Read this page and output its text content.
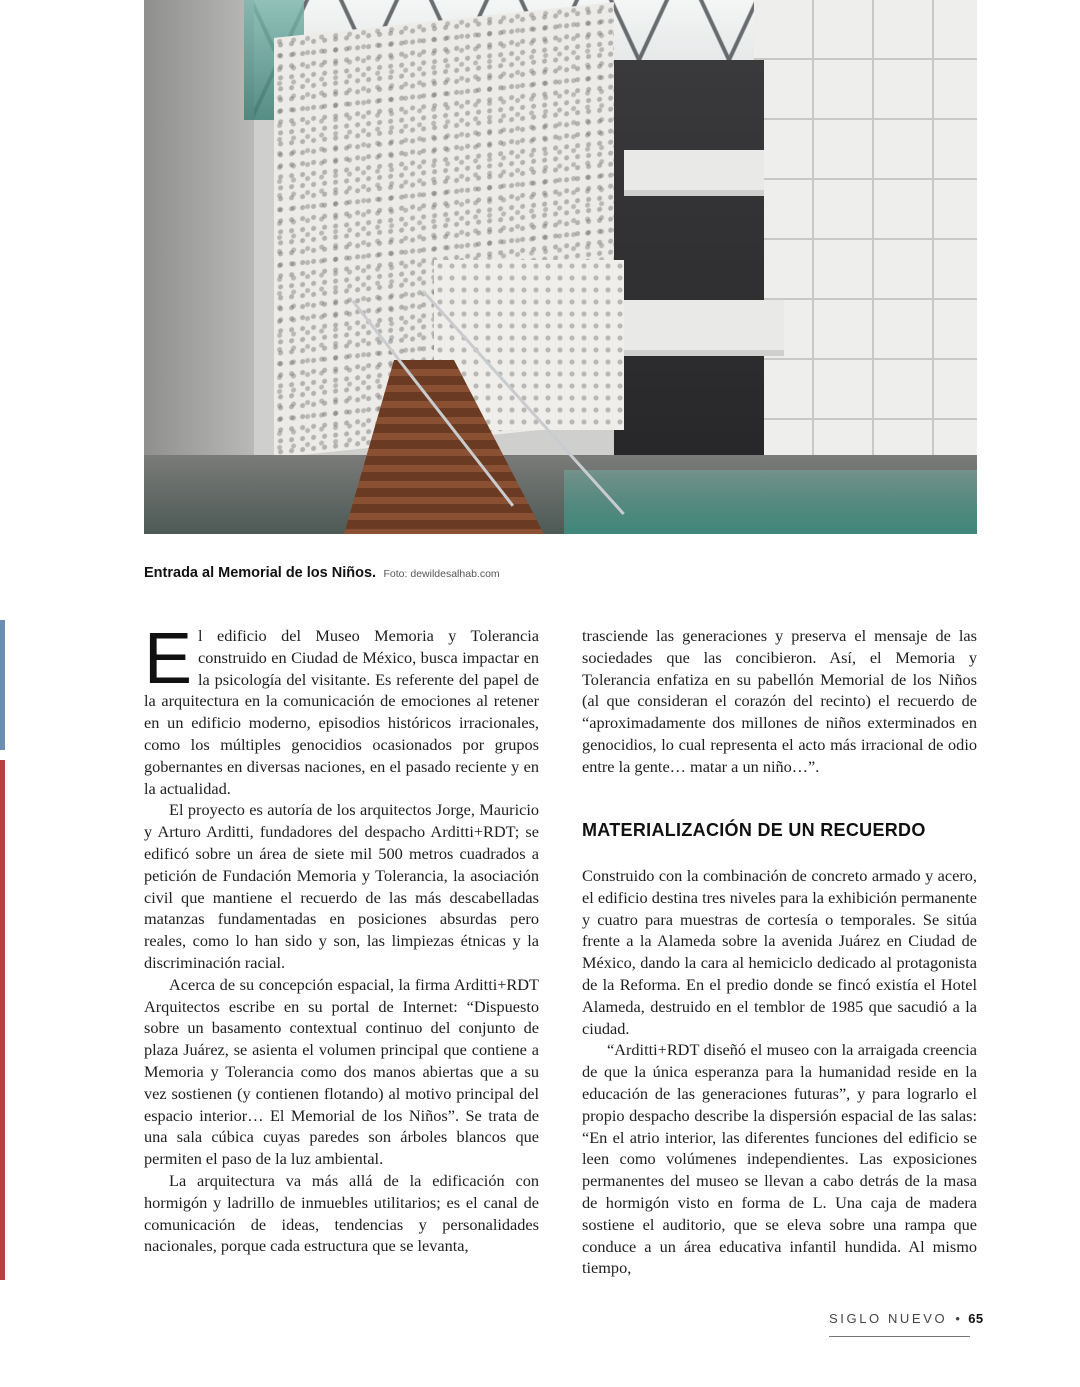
Entrada al Memorial de los Niños. Foto: dewildesalhab.com

El edificio del Museo Memoria y Tolerancia construido en Ciudad de México, busca impactar en la psicología del visitante. Es referente del papel de la arquitectura en la comunicación de emociones al retener en un edificio moderno, episodios históricos irracionales, como los múltiples genocidios ocasionados por grupos gobernantes en diversas naciones, en el pasado reciente y en la actualidad.

El proyecto es autoría de los arquitectos Jorge, Mauricio y Arturo Arditti, fundadores del despacho Arditti+RDT; se edificó sobre un área de siete mil 500 metros cuadrados a petición de Fundación Memoria y Tolerancia, la asociación civil que mantiene el recuerdo de las más descabelladas matanzas fundamentadas en posiciones absurdas pero reales, como lo han sido y son, las limpiezas étnicas y la discriminación racial.

Acerca de su concepción espacial, la firma Arditti+RDT Arquitectos escribe en su portal de Internet: “Dispuesto sobre un basamento contextual continuo del conjunto de plaza Juárez, se asienta el volumen principal que contiene a Memoria y Tolerancia como dos manos abiertas que a su vez sostienen (y contienen flotando) al motivo principal del espacio interior… El Memorial de los Niños”. Se trata de una sala cúbica cuyas paredes son árboles blancos que permiten el paso de la luz ambiental.

La arquitectura va más allá de la edificación con hormigón y ladrillo de inmuebles utilitarios; es el canal de comunicación de ideas, tendencias y personalidades nacionales, porque cada estructura que se levanta,

trasciende las generaciones y preserva el mensaje de las sociedades que las concibieron. Así, el Memoria y Tolerancia enfatiza en su pabellón Memorial de los Niños (al que consideran el corazón del recinto) el recuerdo de “aproximadamente dos millones de niños exterminados en genocidios, lo cual representa el acto más irracional de odio entre la gente… matar a un niño…”.

MATERIALIZACIÓN DE UN RECUERDO

Construido con la combinación de concreto armado y acero, el edificio destina tres niveles para la exhibición permanente y cuatro para muestras de cortesía o temporales. Se sitúa frente a la Alameda sobre la avenida Juárez en Ciudad de México, dando la cara al hemiciclo dedicado al protagonista de la Reforma. En el predio donde se fincó existía el Hotel Alameda, destruido en el temblor de 1985 que sacudió a la ciudad.

“Arditti+RDT diseñó el museo con la arraigada creencia de que la única esperanza para la humanidad reside en la educación de las generaciones futuras”, y para lograrlo el propio despacho describe la dispersión espacial de las salas: “En el atrio interior, las diferentes funciones del edificio se leen como volúmenes independientes. Las exposiciones permanentes del museo se llevan a cabo detrás de la masa de hormigón visto en forma de L. Una caja de madera sostiene el auditorio, que se eleva sobre una rampa que conduce a un área educativa infantil hundida. Al mismo tiempo,

SIGLO NUEVO • 65
